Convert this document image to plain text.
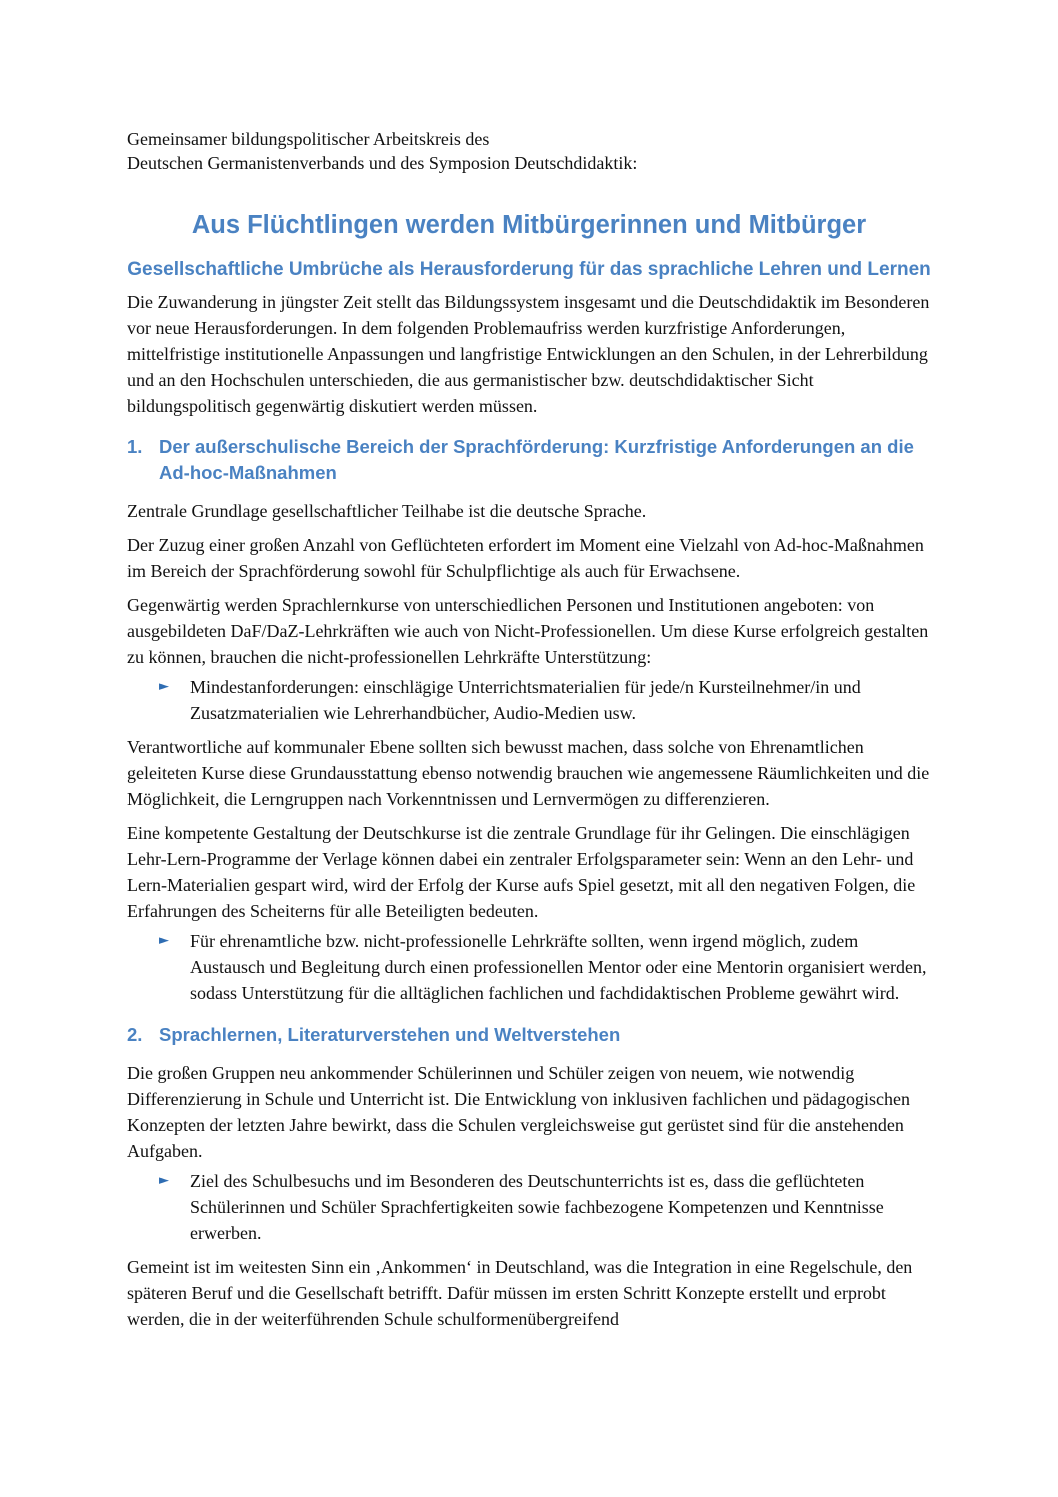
Gemeinsamer bildungspolitischer Arbeitskreis des
Deutschen Germanistenverbands und des Symposion Deutschdidaktik:

Aus Flüchtlingen werden Mitbürgerinnen und Mitbürger
Gesellschaftliche Umbrüche als Herausforderung für das sprachliche Lehren und Lernen

Die Zuwanderung in jüngster Zeit stellt das Bildungssystem insgesamt und die Deutschdidaktik im Besonderen vor neue Herausforderungen. In dem folgenden Problemaufriss werden kurzfristige Anforderungen, mittelfristige institutionelle Anpassungen und langfristige Entwicklungen an den Schulen, in der Lehrerbildung und an den Hochschulen unterschieden, die aus germanistischer bzw. deutschdidaktischer Sicht bildungspolitisch gegenwärtig diskutiert werden müssen.

1. Der außerschulische Bereich der Sprachförderung: Kurzfristige Anforderungen an die Ad-hoc-Maßnahmen

Zentrale Grundlage gesellschaftlicher Teilhabe ist die deutsche Sprache.

Der Zuzug einer großen Anzahl von Geflüchteten erfordert im Moment eine Vielzahl von Ad-hoc-Maßnahmen im Bereich der Sprachförderung sowohl für Schulpflichtige als auch für Erwachsene.

Gegenwärtig werden Sprachlernkurse von unterschiedlichen Personen und Institutionen angeboten: von ausgebildeten DaF/DaZ-Lehrkräften wie auch von Nicht-Professionellen. Um diese Kurse erfolgreich gestalten zu können, brauchen die nicht-professionellen Lehrkräfte Unterstützung:

►	Mindestanforderungen: einschlägige Unterrichtsmaterialien für jede/n Kursteilnehmer/in und Zusatzmaterialien wie Lehrerhandbücher, Audio-Medien usw.

Verantwortliche auf kommunaler Ebene sollten sich bewusst machen, dass solche von Ehrenamtlichen geleiteten Kurse diese Grundausstattung ebenso notwendig brauchen wie angemessene Räumlichkeiten und die Möglichkeit, die Lerngruppen nach Vorkenntnissen und Lernvermögen zu differenzieren.

Eine kompetente Gestaltung der Deutschkurse ist die zentrale Grundlage für ihr Gelingen. Die einschlägigen Lehr-Lern-Programme der Verlage können dabei ein zentraler Erfolgsparameter sein: Wenn an den Lehr- und Lern-Materialien gespart wird, wird der Erfolg der Kurse aufs Spiel gesetzt, mit all den negativen Folgen, die Erfahrungen des Scheiterns für alle Beteiligten bedeuten.

►	Für ehrenamtliche bzw. nicht-professionelle Lehrkräfte sollten, wenn irgend möglich, zudem Austausch und Begleitung durch einen professionellen Mentor oder eine Mentorin organisiert werden, sodass Unterstützung für die alltäglichen fachlichen und fachdidaktischen Probleme gewährt wird.
2. Sprachlernen, Literaturverstehen und Weltverstehen

Die großen Gruppen neu ankommender Schülerinnen und Schüler zeigen von neuem, wie notwendig Differenzierung in Schule und Unterricht ist. Die Entwicklung von inklusiven fachlichen und pädagogischen Konzepten der letzten Jahre bewirkt, dass die Schulen vergleichsweise gut gerüstet sind für die anstehenden Aufgaben.

►	Ziel des Schulbesuchs und im Besonderen des Deutschunterrichts ist es, dass die geflüchteten Schülerinnen und Schüler Sprachfertigkeiten sowie fachbezogene Kompetenzen und Kenntnisse erwerben.

Gemeint ist im weitesten Sinn ein ‚Ankommen‘ in Deutschland, was die Integration in eine Regelschule, den späteren Beruf und die Gesellschaft betrifft. Dafür müssen im ersten Schritt Konzepte erstellt und erprobt werden, die in der weiterführenden Schule schulformenübergreifend
